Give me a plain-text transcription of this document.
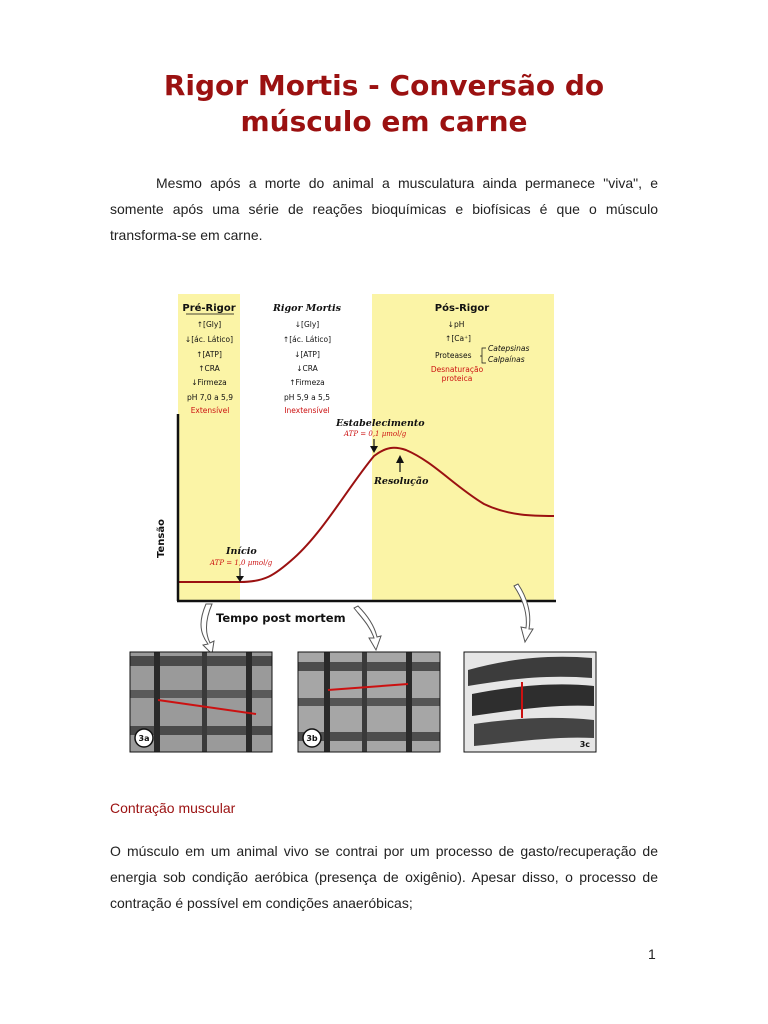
Rigor Mortis - Conversão do
músculo em carne

Mesmo após a morte do animal a musculatura ainda permanece "viva", e somente após uma série de reações bioquímicas e biofísicas é que o músculo transforma-se em carne.

Pré-Rigor
↑[Gly]
↓[ác. Lático]
↑[ATP]
↑CRA
↓Firmeza
pH 7,0 a 5,9
Extensível
Rigor Mortis
↓[Gly]
↑[ác. Lático]
↓[ATP]
↓CRA
↑Firmeza
pH 5,9 a 5,5
Inextensível
Pós-Rigor
↓pH
↑[Ca⁺]
Proteases
Catepsinas
Calpaínas
Desnaturação
proteica
Tensão
Tempo post mortem
Início
ATP = 1,0 µmol/g
Estabelecimento
ATP = 0,1 µmol/g
Resolução
3a	3b
3c

Contração muscular

O músculo em um animal vivo se contrai por um processo de gasto/recuperação de energia sob condição aeróbica (presença de oxigênio). Apesar disso, o processo de contração é possível em condições anaeróbicas;

1
